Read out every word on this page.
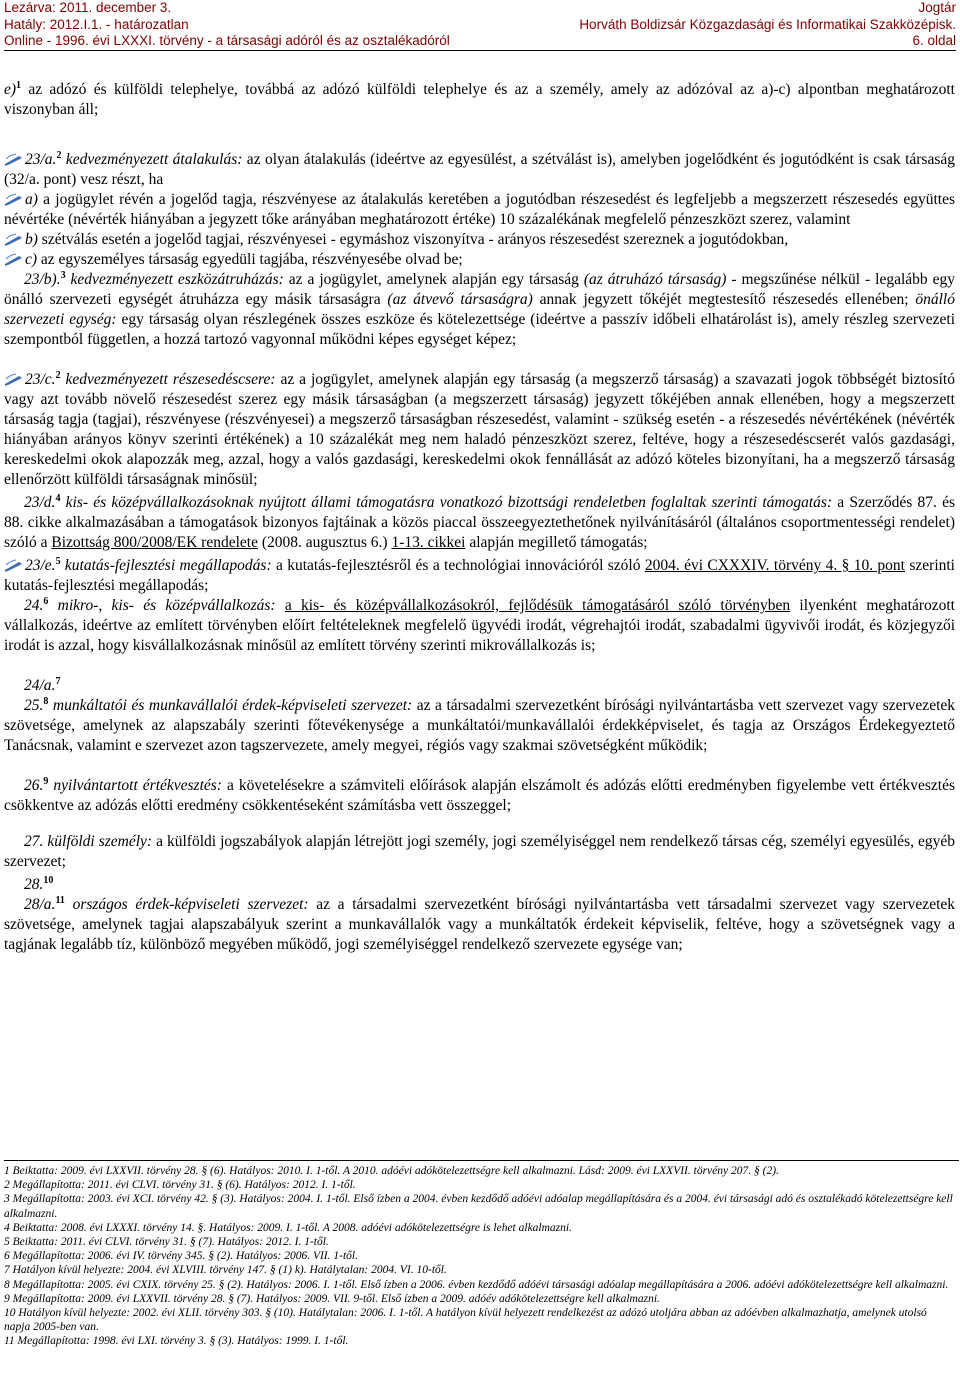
Lezárva: 2011. december 3.
Hatály: 2012.I.1. - határozatlan
Online - 1996. évi LXXXI. törvény - a társasági adóról és az osztalékadóról
Jogtár
Horváth Boldizsár Közgazdasági és Informatikai Szakközépisk.
6. oldal

e)$^1$ az adózó és külföldi telephelye, továbbá az adózó külföldi telephelye és az a személy, amely az adózóval az a)-c) alpontban meghatározott viszonyban áll;

23/a.$^2$ kedvezményezett átalakulás: az olyan átalakulás (ideértve az egyesülést, a szétválást is), amelyben jogelődként és jogutódként is csak társaság (32/a. pont) vesz részt, ha

a) a jogügylet révén a jogelőd tagja, részvényese az átalakulás keretében a jogutódban részesedést és legfeljebb a megszerzett részesedés együttes névértéke (névérték hiányában a jegyzett tőke arányában meghatározott értéke) 10 százalékának megfelelő pénzeszközt szerez, valamint

b) szétválás esetén a jogelőd tagjai, részvényesei - egymáshoz viszonyítva - arányos részesedést szereznek a jogutódokban,

c) az egyszemélyes társaság egyedüli tagjába, részvényesébe olvad be;

23/b).$^3$ kedvezményezett eszközátruházás: az a jogügylet, amelynek alapján egy társaság (az átruházó társaság) - megszűnése nélkül - legalább egy önálló szervezeti egységét átruházza egy másik társaságra (az átvevő társaságra) annak jegyzett tőkéjét megtestesítő részesedés ellenében; önálló szervezeti egység: egy társaság olyan részlegének összes eszköze és kötelezettsége (ideértve a passzív időbeli elhatárolást is), amely részleg szervezeti szempontból független, a hozzá tartozó vagyonnal működni képes egységet képez;

23/c.$^2$ kedvezményezett részesedéscsere: az a jogügylet, amelynek alapján egy társaság (a megszerző társaság) a szavazati jogok többségét biztosító vagy azt tovább növelő részesedést szerez egy másik társaságban (a megszerzett társaság) jegyzett tőkéjében annak ellenében, hogy a megszerzett társaság tagja (tagjai), részvényese (részvényesei) a megszerző társaságban részesedést, valamint - szükség esetén - a részesedés névértékének (névérték hiányában arányos könyv szerinti értékének) a 10 százalékát meg nem haladó pénzeszközt szerez, feltéve, hogy a részesedéscserét valós gazdasági, kereskedelmi okok alapozzák meg, azzal, hogy a valós gazdasági, kereskedelmi okok fennállását az adózó köteles bizonyítani, ha a megszerző társaság ellenőrzött külföldi társaságnak minősül;

23/d.$^4$ kis- és középvállalkozásoknak nyújtott állami támogatásra vonatkozó bizottsági rendeletben foglaltak szerinti támogatás: a Szerződés 87. és 88. cikke alkalmazásában a támogatások bizonyos fajtáinak a közös piaccal összeegyeztethetőnek nyilvánításáról (általános csoportmentességi rendelet) szóló a Bizottság 800/2008/EK rendelete (2008. augusztus 6.) 1-13. cikkei alapján megillető támogatás;

23/e.$^5$ kutatás-fejlesztési megállapodás: a kutatás-fejlesztésről és a technológiai innovációról szóló 2004. évi CXXXIV. törvény 4. § 10. pont szerinti kutatás-fejlesztési megállapodás;

24.$^6$ mikro-, kis- és középvállalkozás: a kis- és középvállalkozásokról, fejlődésük támogatásáról szóló törvényben ilyenként meghatározott vállalkozás, ideértve az említett törvényben előírt feltételeknek megfelelő ügyvédi irodát, végrehajtói irodát, szabadalmi ügyvivői irodát, és közjegyzői irodát is azzal, hogy kisvállalkozásnak minősül az említett törvény szerinti mikrovállalkozás is;

24/a.$^7$

25.$^8$ munkáltatói és munkavállalói érdek-képviseleti szervezet: az a társadalmi szervezetként bírósági nyilvántartásba vett szervezet vagy szervezetek szövetsége, amelynek az alapszabály szerinti főtevékenysége a munkáltatói/munkavállalói érdekképviselet, és tagja az Országos Érdekegyeztető Tanácsnak, valamint e szervezet azon tagszervezete, amely megyei, régiós vagy szakmai szövetségként működik;

26.$^9$ nyilvántartott értékvesztés: a követelésekre a számviteli előírások alapján elszámolt és adózás előtti eredményben figyelembe vett értékvesztés csökkentve az adózás előtti eredmény csökkentéseként számításba vett összeggel;

27. külföldi személy: a külföldi jogszabályok alapján létrejött jogi személy, jogi személyiséggel nem rendelkező társas cég, személyi egyesülés, egyéb szervezet;

28.10

28/a.$^{11}$ országos érdek-képviseleti szervezet: az a társadalmi szervezetként bírósági nyilvántartásba vett társadalmi szervezet vagy szervezetek szövetsége, amelynek tagjai alapszabályuk szerint a munkavállalók vagy a munkáltatók érdekeit képviselik, feltéve, hogy a szövetségnek vagy a tagjának legalább tíz, különböző megyében működő, jogi személyiséggel rendelkező szervezete egysége van;

1 Beiktatta: 2009. évi LXXVII. törvény 28. § (6). Hatályos: 2010. I. 1-től. A 2010. adóévi adókötelezettségre kell alkalmazni. Lásd: 2009. évi LXXVII. törvény 207. § (2).
2 Megállapította: 2011. évi CLVI. törvény 31. § (6). Hatályos: 2012. I. 1-től.
3 Megállapította: 2003. évi XCI. törvény 42. § (3). Hatályos: 2004. I. 1-től. Első ízben a 2004. évben kezdődő adóévi adóalap megállapítására és a 2004. évi társasági adó és osztalékadó kötelezettségre kell alkalmazni.
4 Beiktatta: 2008. évi LXXXI. törvény 14. §. Hatályos: 2009. I. 1-től. A 2008. adóévi adókötelezettségre is lehet alkalmazni.
5 Beiktatta: 2011. évi CLVI. törvény 31. § (7). Hatályos: 2012. I. 1-től.
6 Megállapította: 2006. évi IV. törvény 345. § (2). Hatályos: 2006. VII. 1-től.
7 Hatályon kívül helyezte: 2004. évi XLVIII. törvény 147. § (1) k). Hatálytalan: 2004. VI. 10-től.
8 Megállapította: 2005. évi CXIX. törvény 25. § (2). Hatályos: 2006. I. 1-től. Első ízben a 2006. évben kezdődő adóévi társasági adóalap megállapítására a 2006. adóévi adókötelezettségre kell alkalmazni.
9 Megállapította: 2009. évi LXXVII. törvény 28. § (7). Hatályos: 2009. VII. 9-től. Első ízben a 2009. adóév adókötelezettségre kell alkalmazni.
10 Hatályon kívül helyezte: 2002. évi XLII. törvény 303. § (10). Hatálytalan: 2006. I. 1-től. A hatályon kívül helyezett rendelkezést az adózó utoljára abban az adóévben alkalmazhatja, amelynek utolsó napja 2005-ben van.
11 Megállapította: 1998. évi LXI. törvény 3. § (3). Hatályos: 1999. I. 1-től.
